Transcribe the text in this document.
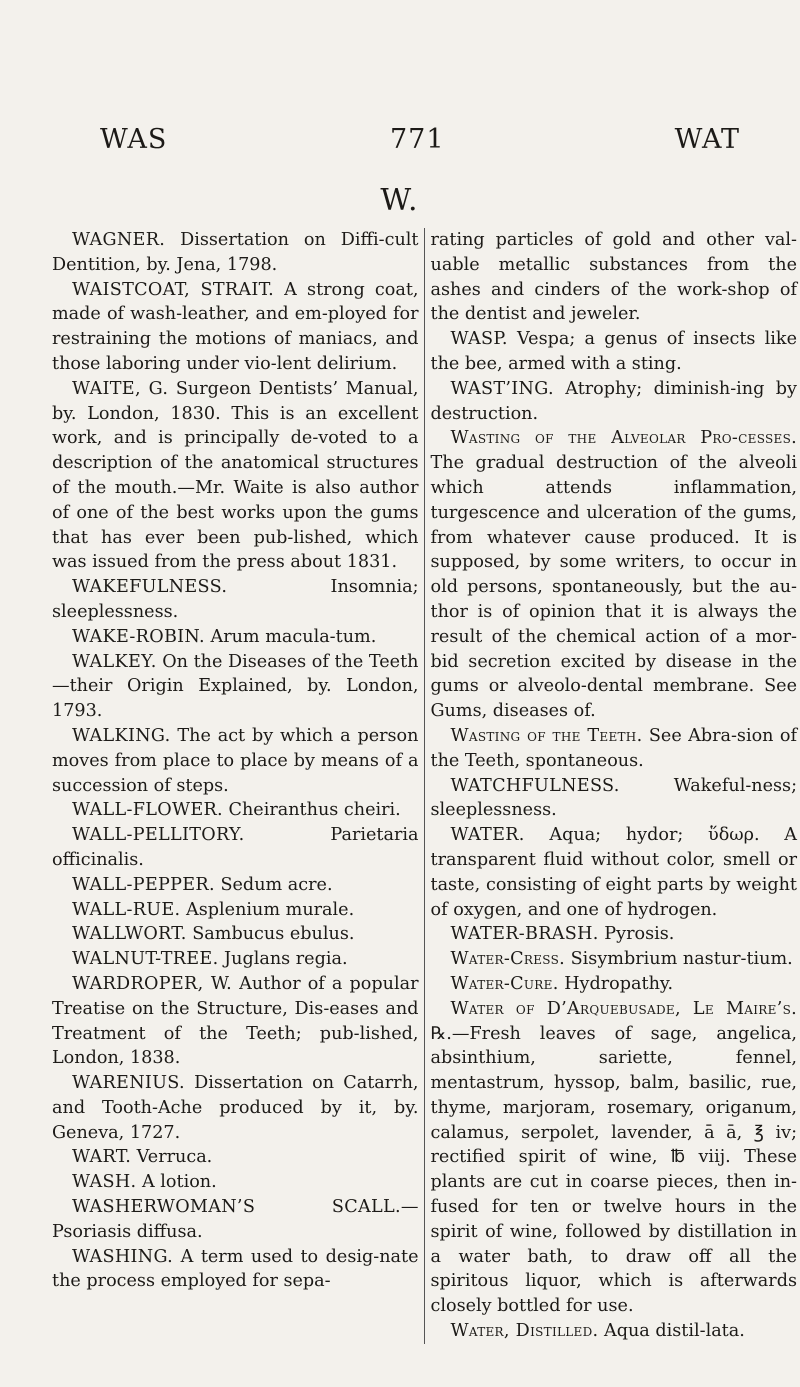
WAS	771	WAT
W.

WAGNER. Dissertation on Diffi-cult Dentition, by. Jena, 1798.

WAISTCOAT, STRAIT. A strong coat, made of wash-leather, and em-ployed for restraining the motions of maniacs, and those laboring under vio-lent delirium.

WAITE, G. Surgeon Dentists’ Manual, by. London, 1830. This is an excellent work, and is principally de-voted to a description of the anatomical structures of the mouth.—Mr. Waite is also author of one of the best works upon the gums that has ever been pub-lished, which was issued from the press about 1831.

WAKEFULNESS. Insomnia; sleeplessness.

WAKE-ROBIN. Arum macula-tum.

WALKEY. On the Diseases of the Teeth—their Origin Explained, by. London, 1793.

WALKING. The act by which a person moves from place to place by means of a succession of steps.

WALL-FLOWER. Cheiranthus cheiri.

WALL-PELLITORY. Parietaria officinalis.

WALL-PEPPER. Sedum acre.

WALL-RUE. Asplenium murale.

WALLWORT. Sambucus ebulus.

WALNUT-TREE. Juglans regia.

WARDROPER, W. Author of a popular Treatise on the Structure, Dis-eases and Treatment of the Teeth; pub-lished, London, 1838.

WARENIUS. Dissertation on Catarrh, and Tooth-Ache produced by it, by. Geneva, 1727.

WART. Verruca.

WASH. A lotion.

WASHERWOMAN’S SCALL.—Psoriasis diffusa.

WASHING. A term used to desig-nate the process employed for sepa-

rating particles of gold and other val-uable metallic substances from the ashes and cinders of the work-shop of the dentist and jeweler.

WASP. Vespa; a genus of insects like the bee, armed with a sting.

WAST’ING. Atrophy; diminish-ing by destruction.

Wasting of the Alveolar Pro-cesses. The gradual destruction of the alveoli which attends inflammation, turgescence and ulceration of the gums, from whatever cause produced. It is supposed, by some writers, to occur in old persons, spontaneously, but the au-thor is of opinion that it is always the result of the chemical action of a mor-bid secretion excited by disease in the gums or alveolo-dental membrane. See Gums, diseases of.

Wasting of the Teeth. See Abra-sion of the Teeth, spontaneous.

WATCHFULNESS. Wakeful-ness; sleeplessness.

WATER. Aqua; hydor; ὕδωρ. A transparent fluid without color, smell or taste, consisting of eight parts by weight of oxygen, and one of hydrogen.

WATER-BRASH. Pyrosis.

Water-Cress. Sisymbrium nastur-tium.

Water-Cure. Hydropathy.

Water of D’Arquebusade, Le Maire’s. ℞.—Fresh leaves of sage, angelica, absinthium, sariette, fennel, mentastrum, hyssop, balm, basilic, rue, thyme, marjoram, rosemary, origanum, calamus, serpolet, lavender, ā ā, ℥ iv; rectified spirit of wine, ℔ viij. These plants are cut in coarse pieces, then in-fused for ten or twelve hours in the spirit of wine, followed by distillation in a water bath, to draw off all the spiritous liquor, which is afterwards closely bottled for use.

Water, Distilled. Aqua distil-lata.
